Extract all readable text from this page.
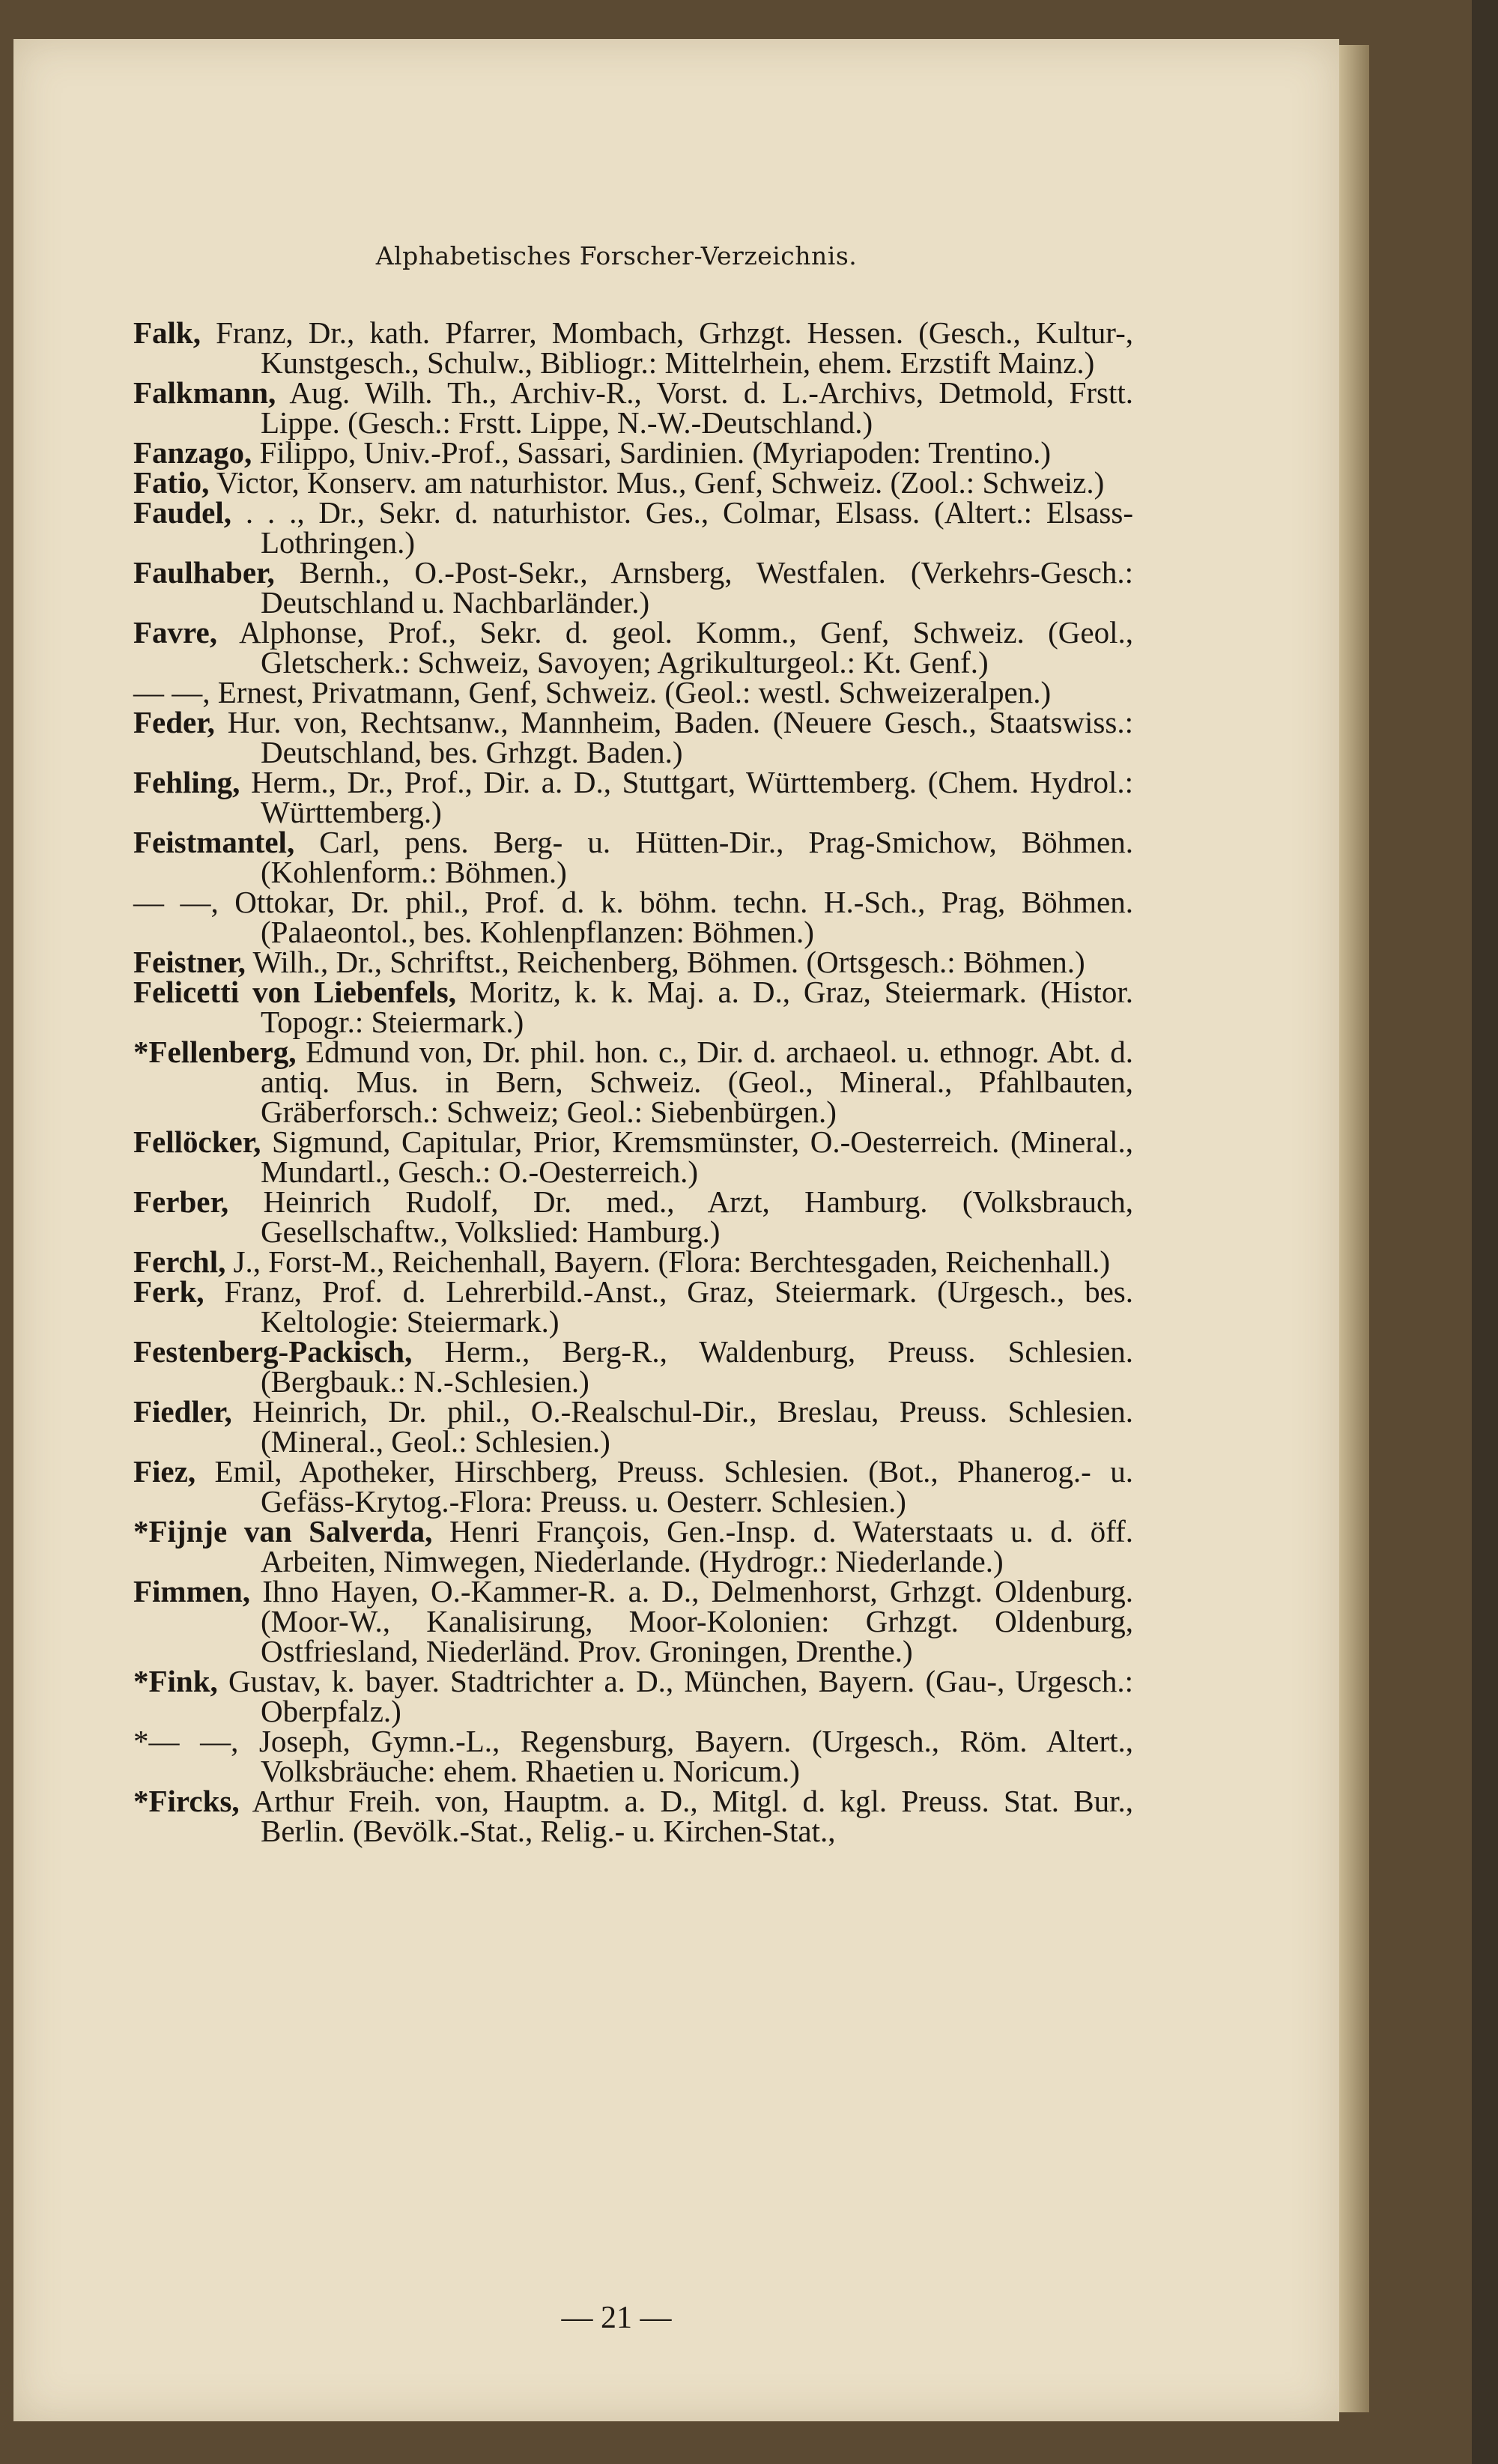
Alphabetisches Forscher-Verzeichnis.
Falk, Franz, Dr., kath. Pfarrer, Mombach, Grhzgt. Hessen. (Gesch., Kultur-, Kunstgesch., Schulw., Bibliogr.: Mittelrhein, ehem. Erzstift Mainz.)
Falkmann, Aug. Wilh. Th., Archiv-R., Vorst. d. L.-Archivs, Detmold, Frstt. Lippe. (Gesch.: Frstt. Lippe, N.-W.-Deutschland.)
Fanzago, Filippo, Univ.-Prof., Sassari, Sardinien. (Myriapoden: Trentino.)
Fatio, Victor, Konserv. am naturhistor. Mus., Genf, Schweiz. (Zool.: Schweiz.)
Faudel, . . ., Dr., Sekr. d. naturhistor. Ges., Colmar, Elsass. (Altert.: Elsass-Lothringen.)
Faulhaber, Bernh., O.-Post-Sekr., Arnsberg, Westfalen. (Verkehrs-Gesch.: Deutschland u. Nachbarländer.)
Favre, Alphonse, Prof., Sekr. d. geol. Komm., Genf, Schweiz. (Geol., Gletscherk.: Schweiz, Savoyen; Agrikulturgeol.: Kt. Genf.)
— —, Ernest, Privatmann, Genf, Schweiz. (Geol.: westl. Schweizeralpen.)
Feder, Hur. von, Rechtsanw., Mannheim, Baden. (Neuere Gesch., Staatswiss.: Deutschland, bes. Grhzgt. Baden.)
Fehling, Herm., Dr., Prof., Dir. a. D., Stuttgart, Württemberg. (Chem. Hydrol.: Württemberg.)
Feistmantel, Carl, pens. Berg- u. Hütten-Dir., Prag-Smichow, Böhmen. (Kohlenform.: Böhmen.)
— —, Ottokar, Dr. phil., Prof. d. k. böhm. techn. H.-Sch., Prag, Böhmen. (Palaeontol., bes. Kohlenpflanzen: Böhmen.)
Feistner, Wilh., Dr., Schriftst., Reichenberg, Böhmen. (Ortsgesch.: Böhmen.)
Felicetti von Liebenfels, Moritz, k. k. Maj. a. D., Graz, Steiermark. (Histor. Topogr.: Steiermark.)
*Fellenberg, Edmund von, Dr. phil. hon. c., Dir. d. archaeol. u. ethnogr. Abt. d. antiq. Mus. in Bern, Schweiz. (Geol., Mineral., Pfahlbauten, Gräberforsch.: Schweiz; Geol.: Siebenbürgen.)
Fellöcker, Sigmund, Capitular, Prior, Kremsmünster, O.-Oesterreich. (Mineral., Mundartl., Gesch.: O.-Oesterreich.)
Ferber, Heinrich Rudolf, Dr. med., Arzt, Hamburg. (Volksbrauch, Gesellschaftw., Volkslied: Hamburg.)
Ferchl, J., Forst-M., Reichenhall, Bayern. (Flora: Berchtesgaden, Reichenhall.)
Ferk, Franz, Prof. d. Lehrerbild.-Anst., Graz, Steiermark. (Urgesch., bes. Keltologie: Steiermark.)
Festenberg-Packisch, Herm., Berg-R., Waldenburg, Preuss. Schlesien. (Bergbauk.: N.-Schlesien.)
Fiedler, Heinrich, Dr. phil., O.-Realschul-Dir., Breslau, Preuss. Schlesien. (Mineral., Geol.: Schlesien.)
Fiez, Emil, Apotheker, Hirschberg, Preuss. Schlesien. (Bot., Phanerog.- u. Gefäss-Krytog.-Flora: Preuss. u. Oesterr. Schlesien.)
*Fijnje van Salverda, Henri François, Gen.-Insp. d. Waterstaats u. d. öff. Arbeiten, Nimwegen, Niederlande. (Hydrogr.: Niederlande.)
Fimmen, Ihno Hayen, O.-Kammer-R. a. D., Delmenhorst, Grhzgt. Oldenburg. (Moor-W., Kanalisirung, Moor-Kolonien: Grhzgt. Oldenburg, Ostfriesland, Niederländ. Prov. Groningen, Drenthe.)
*Fink, Gustav, k. bayer. Stadtrichter a. D., München, Bayern. (Gau-, Urgesch.: Oberpfalz.)
*— —, Joseph, Gymn.-L., Regensburg, Bayern. (Urgesch., Röm. Altert., Volksbräuche: ehem. Rhaetien u. Noricum.)
*Fircks, Arthur Freih. von, Hauptm. a. D., Mitgl. d. kgl. Preuss. Stat. Bur., Berlin. (Bevölk.-Stat., Relig.- u. Kirchen-Stat.,
— 21 —
